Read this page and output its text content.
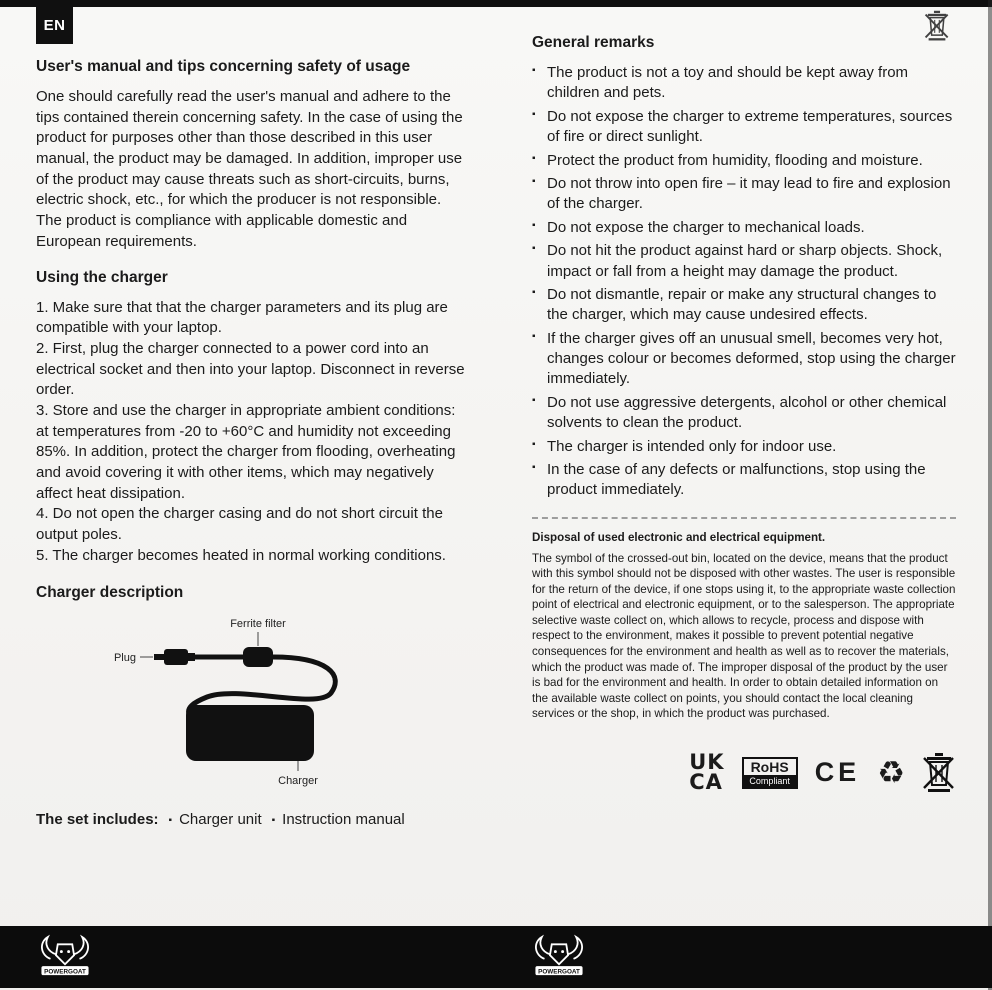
EN

User's manual and tips concerning safety of usage

One should carefully read the user's manual and adhere to the tips contained therein concerning safety. In the case of using the product for purposes other than those described in this user manual, the product may be damaged. In addition, improper use of the product may cause threats such as short-circuits, burns, electric shock, etc., for which the producer is not responsible. The product is compliance with applicable domestic and European requirements.

Using the charger

1. Make sure that that the charger parameters and its plug are compatible with your laptop.

2. First, plug the charger connected to a power cord into an electrical socket and then into your laptop. Disconnect in reverse order.

3. Store and use the charger in appropriate ambient conditions: at temperatures from -20 to +60°C and humidity not exceeding 85%. In addition, protect the charger from flooding, overheating and avoid covering it with other items, which may negatively affect heat dissipation.

4. Do not open the charger casing and do not short circuit the output poles.

5. The charger becomes heated in normal working conditions.

Charger description

Ferrite filter
Plug
Charger
The set includes:	▪ Charger unit	▪ Instruction manual

General remarks

▪ The product is not a toy and should be kept away from children and pets.
▪ Do not expose the charger to extreme temperatures, sources of fire or direct sunlight.
▪ Protect the product from humidity, flooding and moisture.
▪ Do not throw into open fire – it may lead to fire and explosion of the charger.
▪ Do not expose the charger to mechanical loads.
▪ Do not hit the product against hard or sharp objects. Shock, impact or fall from a height may damage the product.
▪ Do not dismantle, repair or make any structural changes to the charger, which may cause undesired effects.
▪ If the charger gives off an unusual smell, becomes very hot, changes colour or becomes deformed, stop using the charger immediately.
▪ Do not use aggressive detergents, alcohol or other chemical solvents to clean the product.
▪ The charger is intended only for indoor use.
▪ In the case of any defects or malfunctions, stop using the product immediately.

Disposal of used electronic and electrical equipment.

The symbol of the crossed-out bin, located on the device, means that the product with this symbol should not be disposed with other wastes. The user is responsible for the return of the device, if one stops using it, to the appropriate waste collection point of electrical and electronic equipment, or to the salesperson. The appropriate selective waste collect on, which allows to recycle, process and dispose with respect to the environment, makes it possible to prevent potential negative consequences for the environment and health as well as to recover the materials, which the product was made of. The improper disposal of the product by the user is bad for the environment and health. In order to obtain detailed information on the available waste collect on points, you should contact the local cleaning services or the shop, in which the product was purchased.

UK
CA
RoHS
Compliant CE ♻
POWERGOAT	POWERGOAT
